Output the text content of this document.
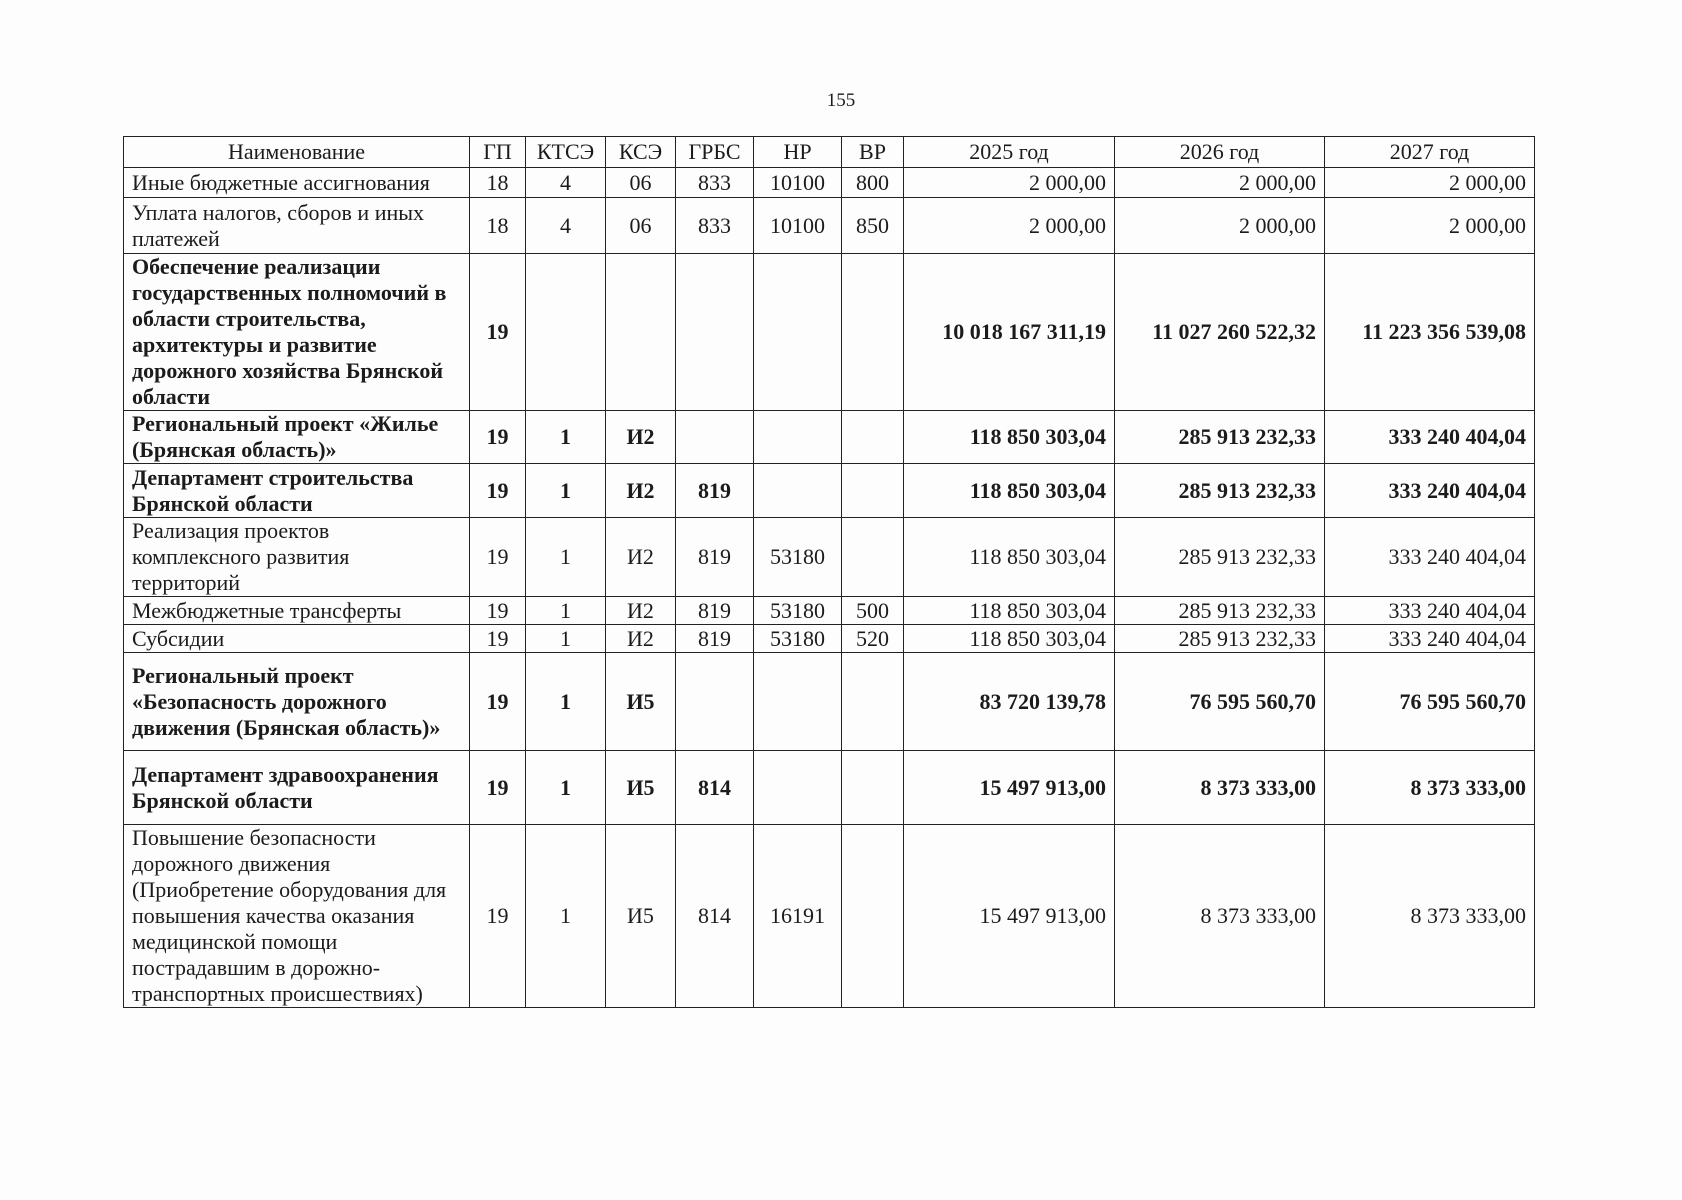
155
Наименование	ГП	КТСЭ	КСЭ	ГРБС	НР	ВР	2025 год	2026 год	2027 год
Иные бюджетные ассигнования	18	4	06	833	10100	800	2 000,00	2 000,00	2 000,00
Уплата налогов, сборов и иных платежей	18	4	06	833	10100	850	2 000,00	2 000,00	2 000,00
Обеспечение реализации государственных полномочий в области строительства, архитектуры и развитие дорожного хозяйства Брянской области	19						10 018 167 311,19	11 027 260 522,32	11 223 356 539,08
Региональный проект «Жилье (Брянская область)»	19	1	И2				118 850 303,04	285 913 232,33	333 240 404,04
Департамент строительства Брянской области	19	1	И2	819			118 850 303,04	285 913 232,33	333 240 404,04
Реализация проектов комплексного развития территорий	19	1	И2	819	53180		118 850 303,04	285 913 232,33	333 240 404,04
Межбюджетные трансферты	19	1	И2	819	53180	500	118 850 303,04	285 913 232,33	333 240 404,04
Субсидии	19	1	И2	819	53180	520	118 850 303,04	285 913 232,33	333 240 404,04
Региональный проект «Безопасность дорожного движения (Брянская область)»	19	1	И5				83 720 139,78	76 595 560,70	76 595 560,70
Департамент здравоохранения Брянской области	19	1	И5	814			15 497 913,00	8 373 333,00	8 373 333,00
Повышение безопасности дорожного движения (Приобретение оборудования для повышения качества оказания медицинской помощи пострадавшим в дорожно-транспортных происшествиях)	19	1	И5	814	16191		15 497 913,00	8 373 333,00	8 373 333,00
